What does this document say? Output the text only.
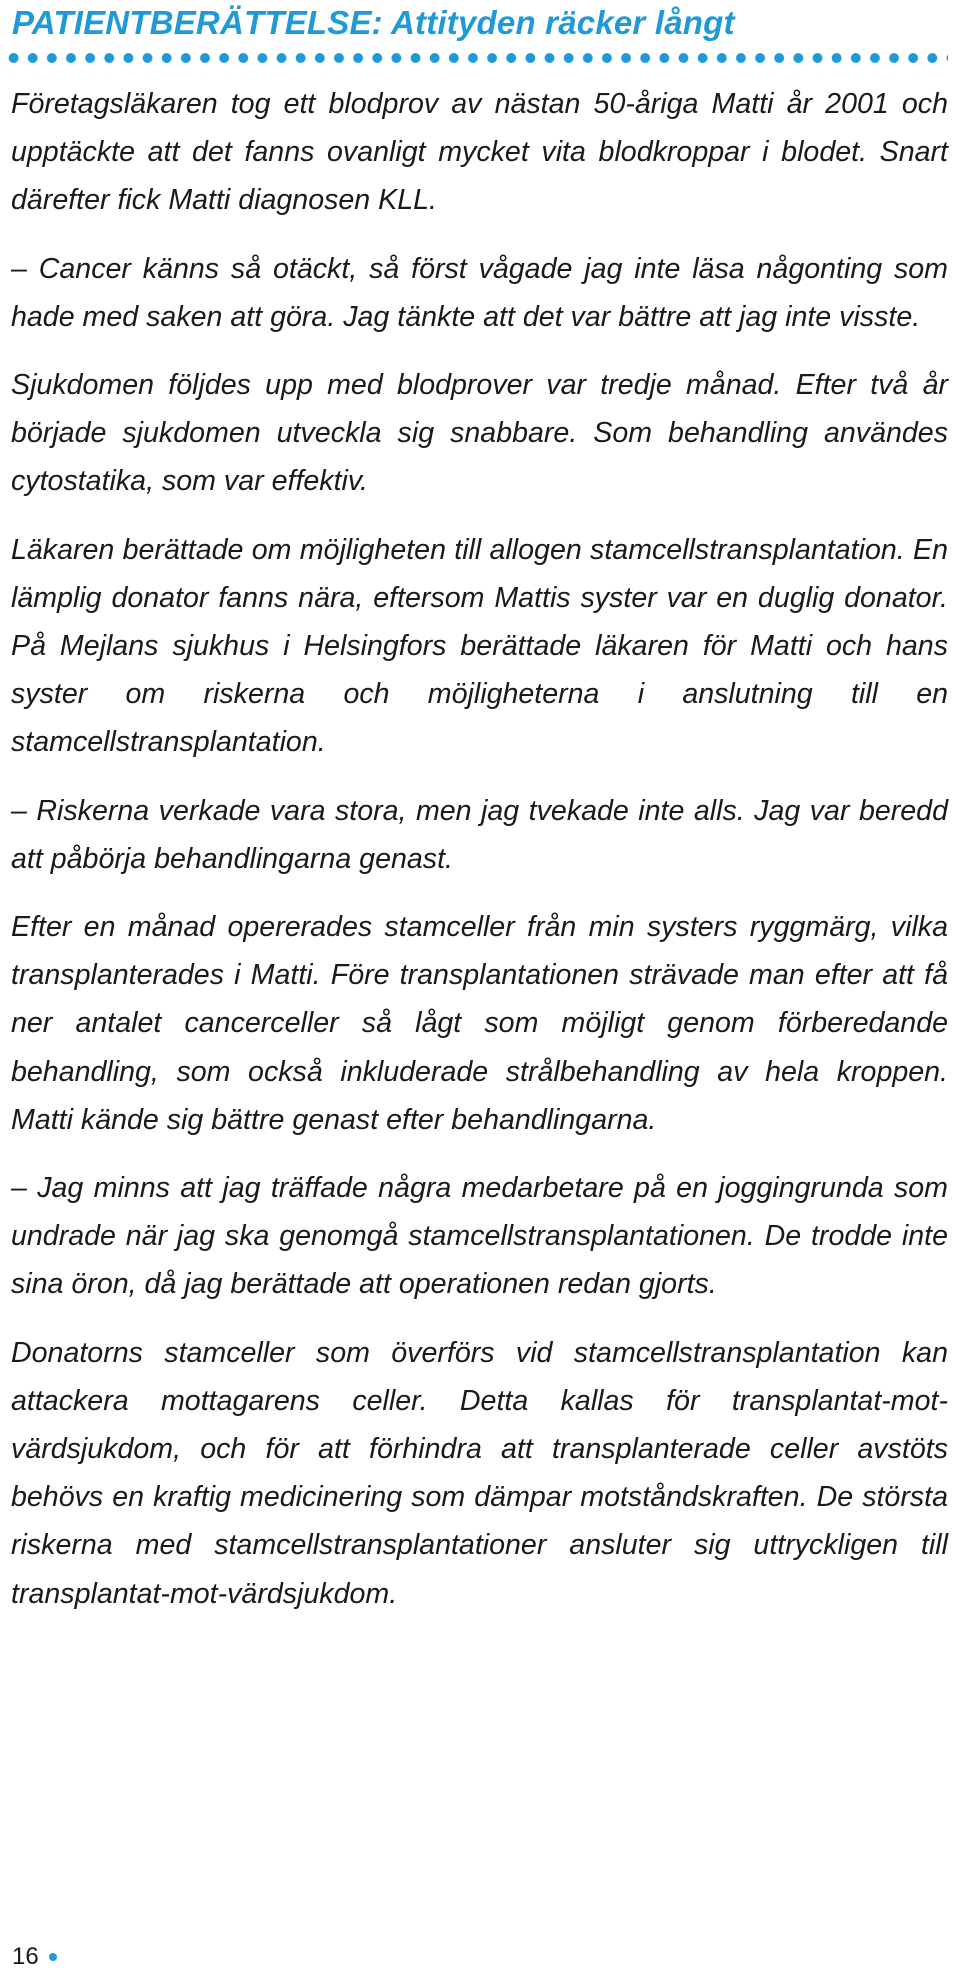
PATIENTBERÄTTELSE: Attityden räcker långt

Företagsläkaren tog ett blodprov av nästan 50-åriga Matti år 2001 och upptäckte att det fanns ovanligt mycket vita blodkroppar i blodet. Snart därefter fick Matti diagnosen KLL.

– Cancer känns så otäckt, så först vågade jag inte läsa någonting som hade med saken att göra. Jag tänkte att det var bättre att jag inte visste.

Sjukdomen följdes upp med blodprover var tredje månad. Efter två år började sjukdomen utveckla sig snabbare. Som behandling användes cytostatika, som var effektiv.

Läkaren berättade om möjligheten till allogen stamcellstransplantation. En lämplig donator fanns nära, eftersom Mattis syster var en duglig donator. På Mejlans sjukhus i Helsingfors berättade läkaren för Matti och hans syster om riskerna och möjligheterna i anslutning till en stamcellstransplantation.

– Riskerna verkade vara stora, men jag tvekade inte alls. Jag var beredd att påbörja behandlingarna genast.

Efter en månad opererades stamceller från min systers ryggmärg, vilka transplanterades i Matti. Före transplantationen strävade man efter att få ner antalet cancerceller så lågt som möjligt genom förberedande behandling, som också inkluderade strålbehandling av hela kroppen. Matti kände sig bättre genast efter behandlingarna.

– Jag minns att jag träffade några medarbetare på en joggingrunda som undrade när jag ska genomgå stamcellstransplantationen. De trodde inte sina öron, då jag berättade att operationen redan gjorts.

Donatorns stamceller som överförs vid stamcellstransplantation kan attackera mottagarens celler. Detta kallas för transplantat-mot-värdsjukdom, och för att förhindra att transplanterade celler avstöts behövs en kraftig medicinering som dämpar motståndskraften. De största riskerna med stamcellstransplantationer ansluter sig uttryckligen till transplantat-mot-värdsjukdom.

16
